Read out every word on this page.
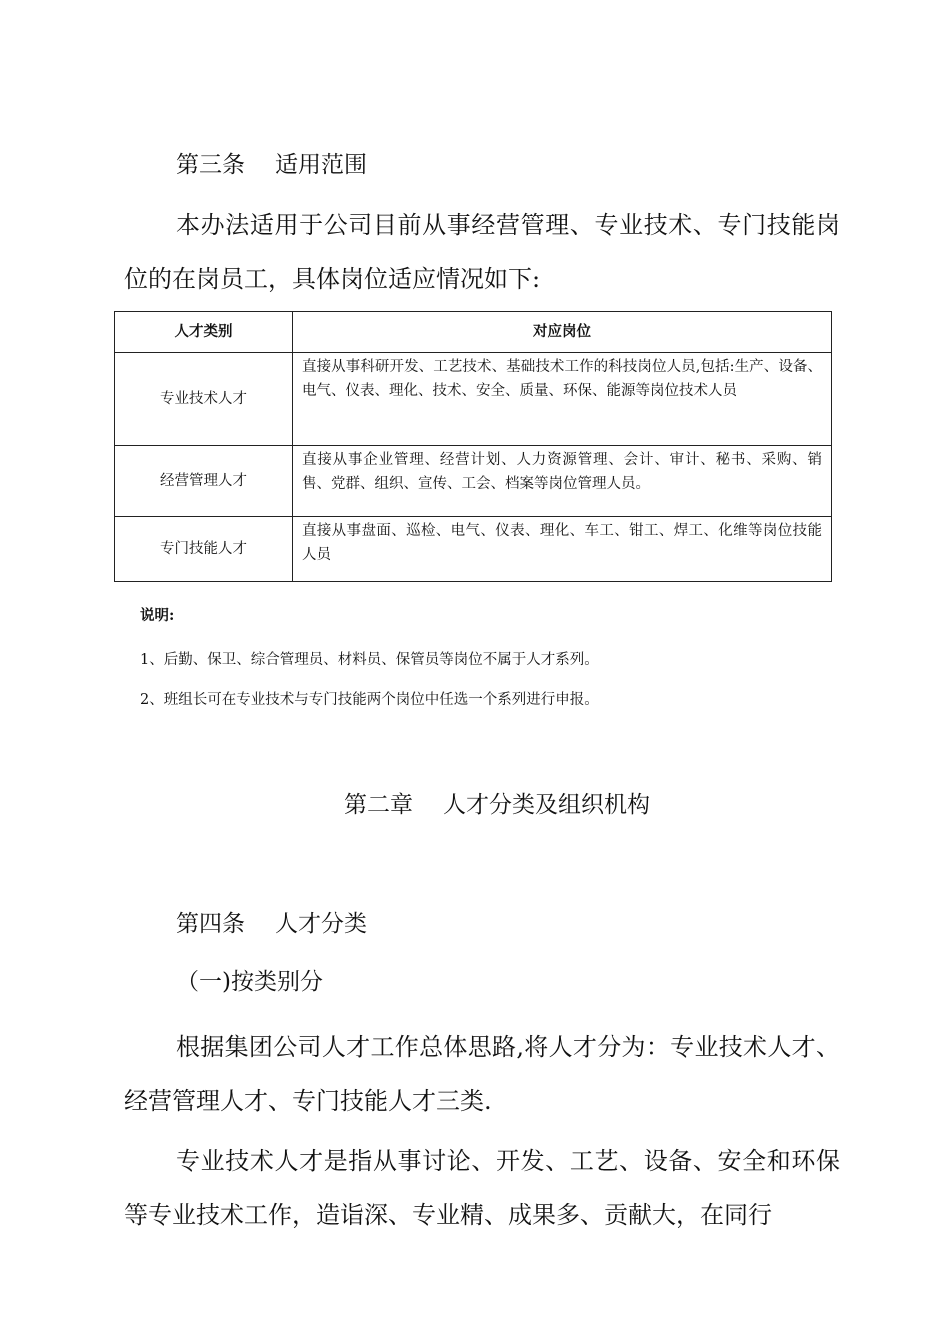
第三条 适用范围

本办法适用于公司目前从事经营管理、专业技术、专门技能岗位的在岗员工，具体岗位适应情况如下:

人才类别	对应岗位
专业技术人才	直接从事科研开发、工艺技术、基础技术工作的科技岗位人员,包括:生产、设备、电气、仪表、理化、技术、安全、质量、环保、能源等岗位技术人员
经营管理人才	直接从事企业管理、经营计划、人力资源管理、会计、审计、秘书、采购、销售、党群、组织、宣传、工会、档案等岗位管理人员。
专门技能人才	直接从事盘面、巡检、电气、仪表、理化、车工、钳工、焊工、化维等岗位技能人员
说明:
1、后勤、保卫、综合管理员、材料员、保管员等岗位不属于人才系列。
2、班组长可在专业技术与专门技能两个岗位中任选一个系列进行申报。
第二章 人才分类及组织机构
第四条 人才分类
（一)按类别分

根据集团公司人才工作总体思路,将人才分为：专业技术人才、经营管理人才、专门技能人才三类.

专业技术人才是指从事讨论、开发、工艺、设备、安全和环保等专业技术工作，造诣深、专业精、成果多、贡献大，在同行
